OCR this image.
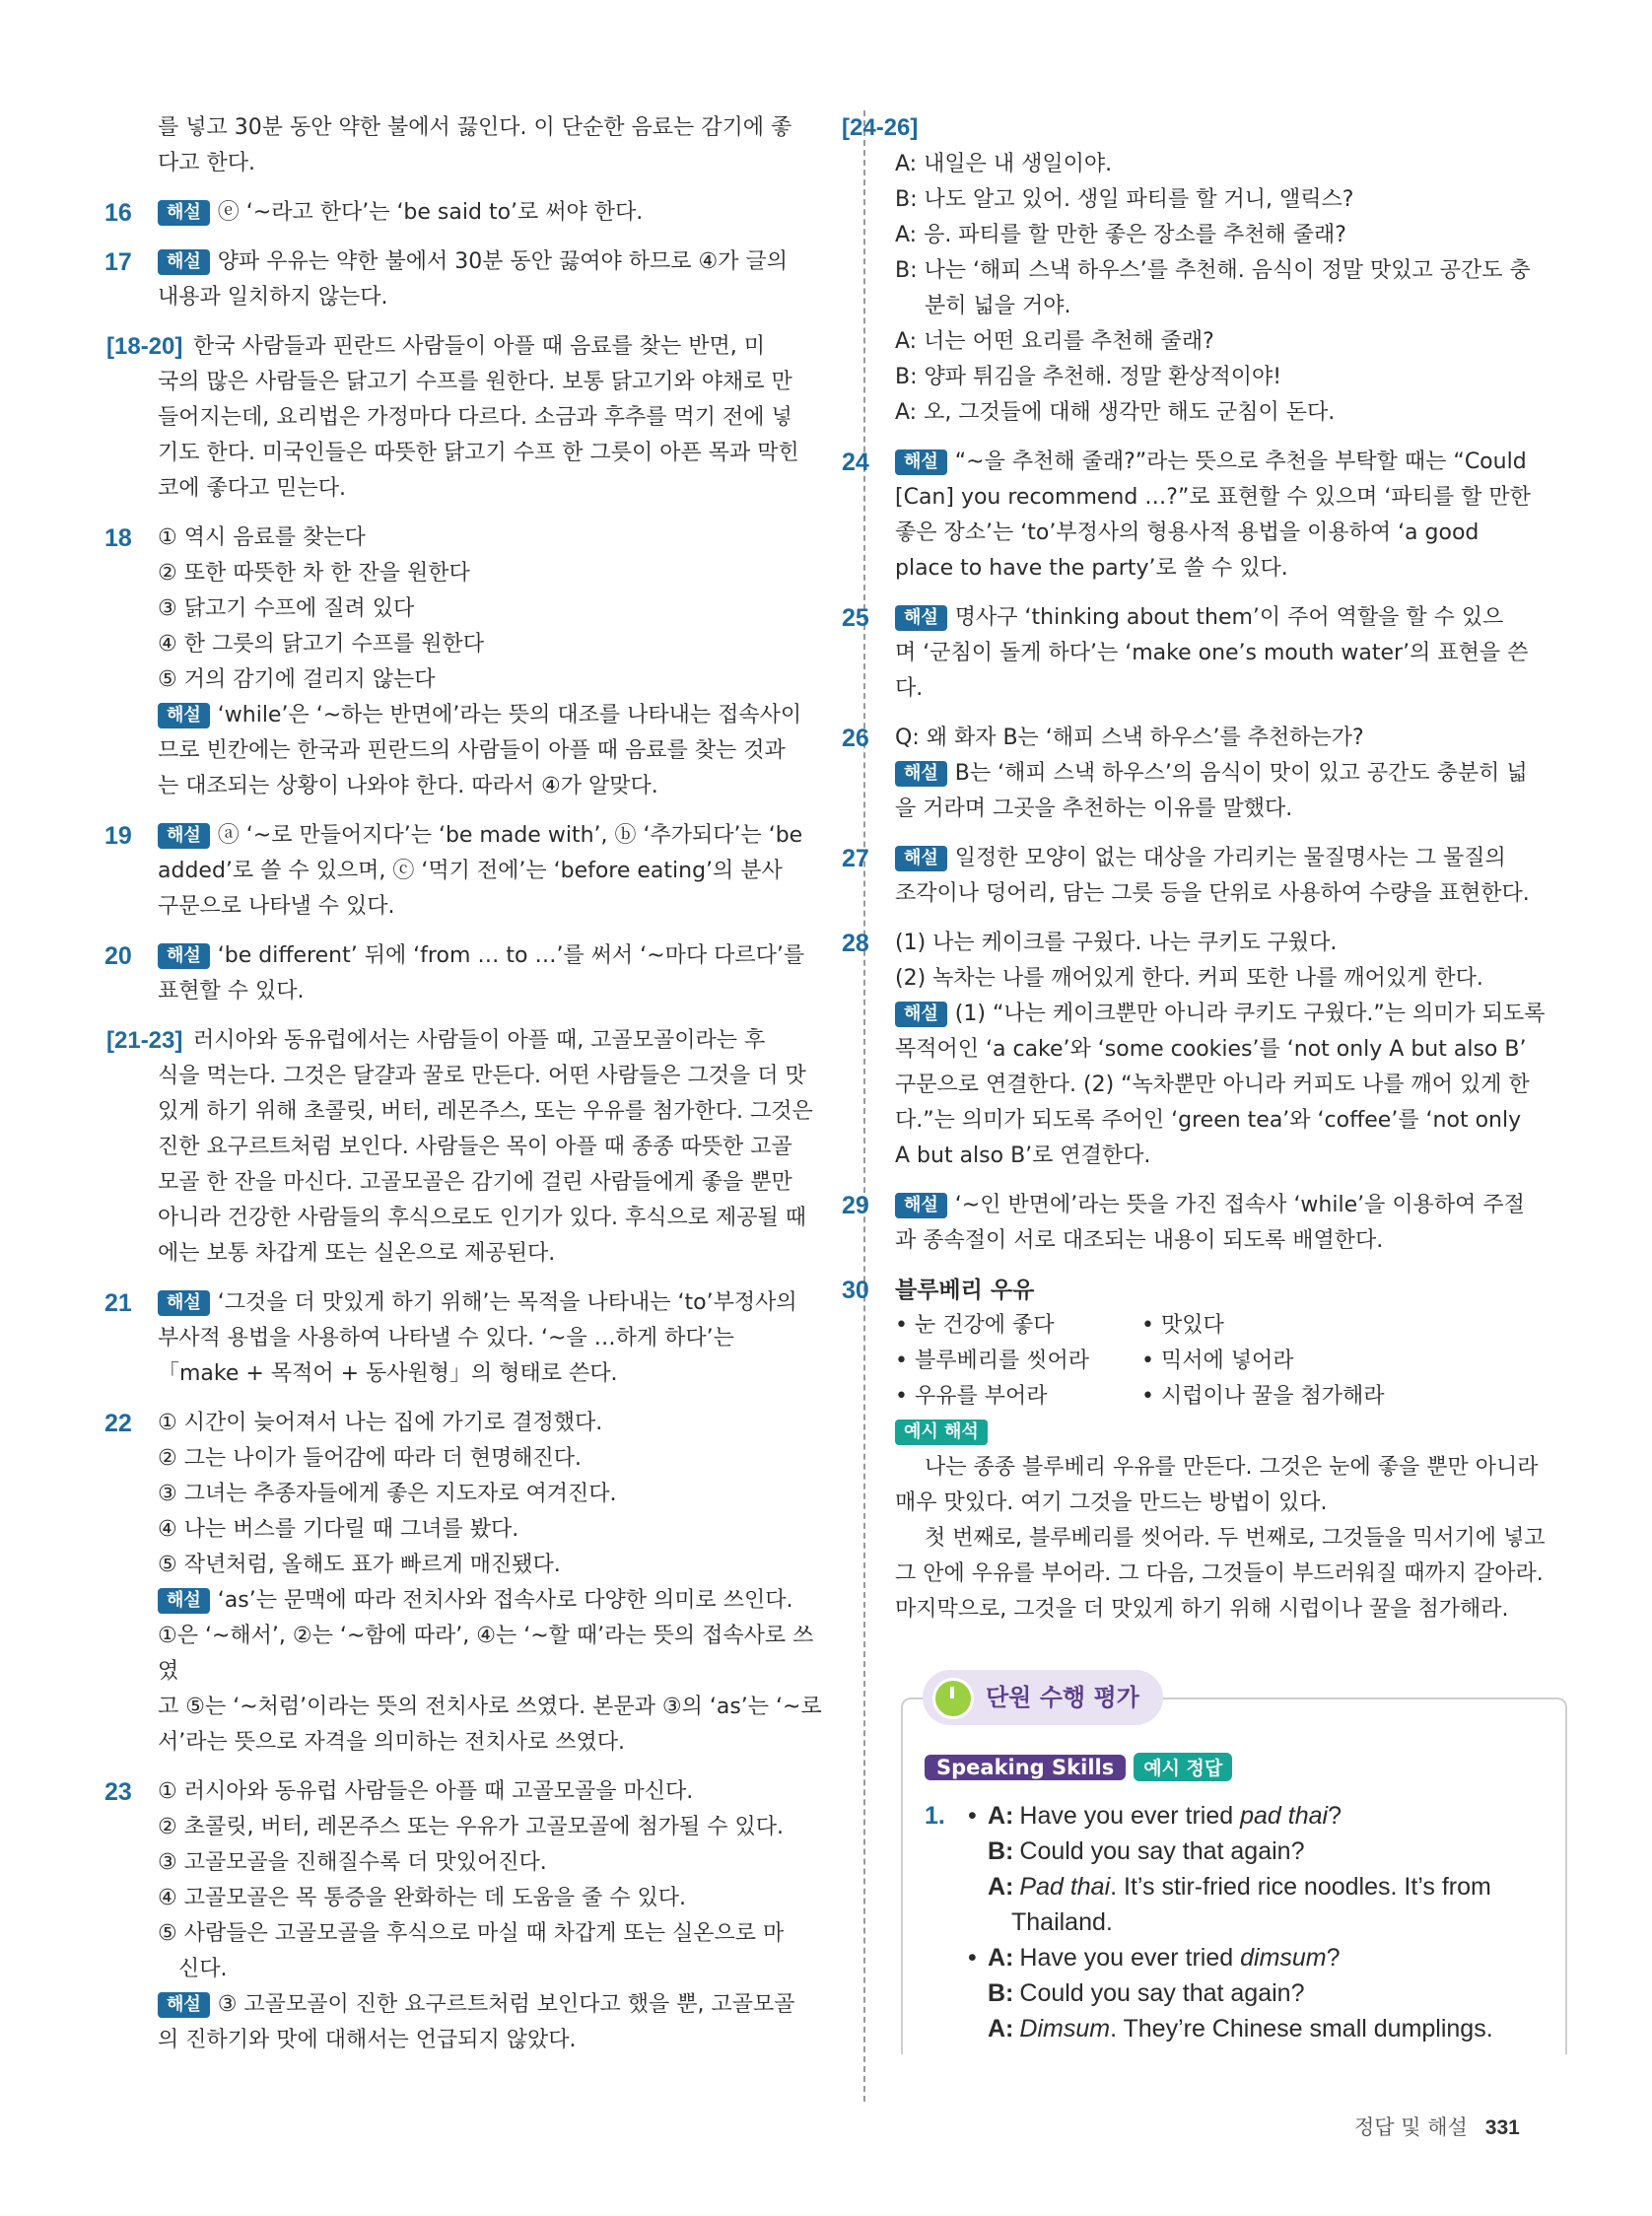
를 넣고 30분 동안 약한 불에서 끓인다. 이 단순한 음료는 감기에 좋
다고 한다.
16	해설 ⓔ ‘~라고 한다’는 ‘be said to’로 써야 한다.
17	해설 양파 우유는 약한 불에서 30분 동안 끓여야 하므로 ④가 글의
내용과 일치하지 않는다.
[18-20] 한국 사람들과 핀란드 사람들이 아플 때 음료를 찾는 반면, 미
국의 많은 사람들은 닭고기 수프를 원한다. 보통 닭고기와 야채로 만
들어지는데, 요리법은 가정마다 다르다. 소금과 후추를 먹기 전에 넣
기도 한다. 미국인들은 따뜻한 닭고기 수프 한 그릇이 아픈 목과 막힌
코에 좋다고 믿는다.
18	① 역시 음료를 찾는다
② 또한 따뜻한 차 한 잔을 원한다
③ 닭고기 수프에 질려 있다
④ 한 그릇의 닭고기 수프를 원한다
⑤ 거의 감기에 걸리지 않는다
해설 ‘while’은 ‘~하는 반면에’라는 뜻의 대조를 나타내는 접속사이
므로 빈칸에는 한국과 핀란드의 사람들이 아플 때 음료를 찾는 것과
는 대조되는 상황이 나와야 한다. 따라서 ④가 알맞다.
19	해설 ⓐ ‘~로 만들어지다’는 ‘be made with’, ⓑ ‘추가되다’는 ‘be
added’로 쓸 수 있으며, ⓒ ‘먹기 전에’는 ‘before eating’의 분사
구문으로 나타낼 수 있다.
20	해설 ‘be different’ 뒤에 ‘from … to …’를 써서 ‘~마다 다르다’를
표현할 수 있다.
[21-23] 러시아와 동유럽에서는 사람들이 아플 때, 고골모골이라는 후
식을 먹는다. 그것은 달걀과 꿀로 만든다. 어떤 사람들은 그것을 더 맛
있게 하기 위해 초콜릿, 버터, 레몬주스, 또는 우유를 첨가한다. 그것은
진한 요구르트처럼 보인다. 사람들은 목이 아플 때 종종 따뜻한 고골
모골 한 잔을 마신다. 고골모골은 감기에 걸린 사람들에게 좋을 뿐만
아니라 건강한 사람들의 후식으로도 인기가 있다. 후식으로 제공될 때
에는 보통 차갑게 또는 실온으로 제공된다.
21	해설 ‘그것을 더 맛있게 하기 위해’는 목적을 나타내는 ‘to’부정사의
부사적 용법을 사용하여 나타낼 수 있다. ‘~을 …하게 하다’는
「make + 목적어 + 동사원형」의 형태로 쓴다.
22	① 시간이 늦어져서 나는 집에 가기로 결정했다.
② 그는 나이가 들어감에 따라 더 현명해진다.
③ 그녀는 추종자들에게 좋은 지도자로 여겨진다.
④ 나는 버스를 기다릴 때 그녀를 봤다.
⑤ 작년처럼, 올해도 표가 빠르게 매진됐다.
해설 ‘as’는 문맥에 따라 전치사와 접속사로 다양한 의미로 쓰인다.
①은 ‘~해서’, ②는 ‘~함에 따라’, ④는 ‘~할 때’라는 뜻의 접속사로 쓰였
고 ⑤는 ‘~처럼’이라는 뜻의 전치사로 쓰였다. 본문과 ③의 ‘as’는 ‘~로
서’라는 뜻으로 자격을 의미하는 전치사로 쓰였다.
23	① 러시아와 동유럽 사람들은 아플 때 고골모골을 마신다.
② 초콜릿, 버터, 레몬주스 또는 우유가 고골모골에 첨가될 수 있다.
③ 고골모골을 진해질수록 더 맛있어진다.
④ 고골모골은 목 통증을 완화하는 데 도움을 줄 수 있다.
⑤ 사람들은 고골모골을 후식으로 마실 때 차갑게 또는 실온으로 마
신다.
해설 ③ 고골모골이 진한 요구르트처럼 보인다고 했을 뿐, 고골모골
의 진하기와 맛에 대해서는 언급되지 않았다.
[24-26]
A: 내일은 내 생일이야.
B: 나도 알고 있어. 생일 파티를 할 거니, 앨릭스?
A: 응. 파티를 할 만한 좋은 장소를 추천해 줄래?
B: 나는 ‘해피 스낵 하우스’를 추천해. 음식이 정말 맛있고 공간도 충
분히 넓을 거야.
A: 너는 어떤 요리를 추천해 줄래?
B: 양파 튀김을 추천해. 정말 환상적이야!
A: 오, 그것들에 대해 생각만 해도 군침이 돈다.
24	해설 “~을 추천해 줄래?”라는 뜻으로 추천을 부탁할 때는 “Could
[Can] you recommend …?”로 표현할 수 있으며 ‘파티를 할 만한
좋은 장소’는 ‘to’부정사의 형용사적 용법을 이용하여 ‘a good
place to have the party’로 쓸 수 있다.
25	해설 명사구 ‘thinking about them’이 주어 역할을 할 수 있으
며 ‘군침이 돌게 하다’는 ‘make one’s mouth water’의 표현을 쓴
다.
26	Q: 왜 화자 B는 ‘해피 스낵 하우스’를 추천하는가?
해설 B는 ‘해피 스낵 하우스’의 음식이 맛이 있고 공간도 충분히 넓
을 거라며 그곳을 추천하는 이유를 말했다.
27	해설 일정한 모양이 없는 대상을 가리키는 물질명사는 그 물질의
조각이나 덩어리, 담는 그릇 등을 단위로 사용하여 수량을 표현한다.
28	(1) 나는 케이크를 구웠다. 나는 쿠키도 구웠다.
(2) 녹차는 나를 깨어있게 한다. 커피 또한 나를 깨어있게 한다.
해설 (1) “나는 케이크뿐만 아니라 쿠키도 구웠다.”는 의미가 되도록
목적어인 ‘a cake’와 ‘some cookies’를 ‘not only A but also B’
구문으로 연결한다. (2) “녹차뿐만 아니라 커피도 나를 깨어 있게 한
다.”는 의미가 되도록 주어인 ‘green tea’와 ‘coffee’를 ‘not only
A but also B’로 연결한다.
29	해설 ‘~인 반면에’라는 뜻을 가진 접속사 ‘while’을 이용하여 주절
과 종속절이 서로 대조되는 내용이 되도록 배열한다.
30	블루베리 우유
• 눈 건강에 좋다	• 맛있다
• 블루베리를 씻어라	• 믹서에 넣어라
• 우유를 부어라	• 시럽이나 꿀을 첨가해라
예시 해석
나는 종종 블루베리 우유를 만든다. 그것은 눈에 좋을 뿐만 아니라
매우 맛있다. 여기 그것을 만드는 방법이 있다.
첫 번째로, 블루베리를 씻어라. 두 번째로, 그것들을 믹서기에 넣고
그 안에 우유를 부어라. 그 다음, 그것들이 부드러워질 때까지 갈아라.
마지막으로, 그것을 더 맛있게 하기 위해 시럽이나 꿀을 첨가해라.
Speaking Skills 예시 정답
1. • A: Have you ever tried pad thai?
B: Could you say that again?
A: Pad thai. It’s stir-fried rice noodles. It’s from Thailand.
• A: Have you ever tried dimsum?
B: Could you say that again?
A: Dimsum. They’re Chinese small dumplings.
단원 수행 평가
정답 및 해설 331
